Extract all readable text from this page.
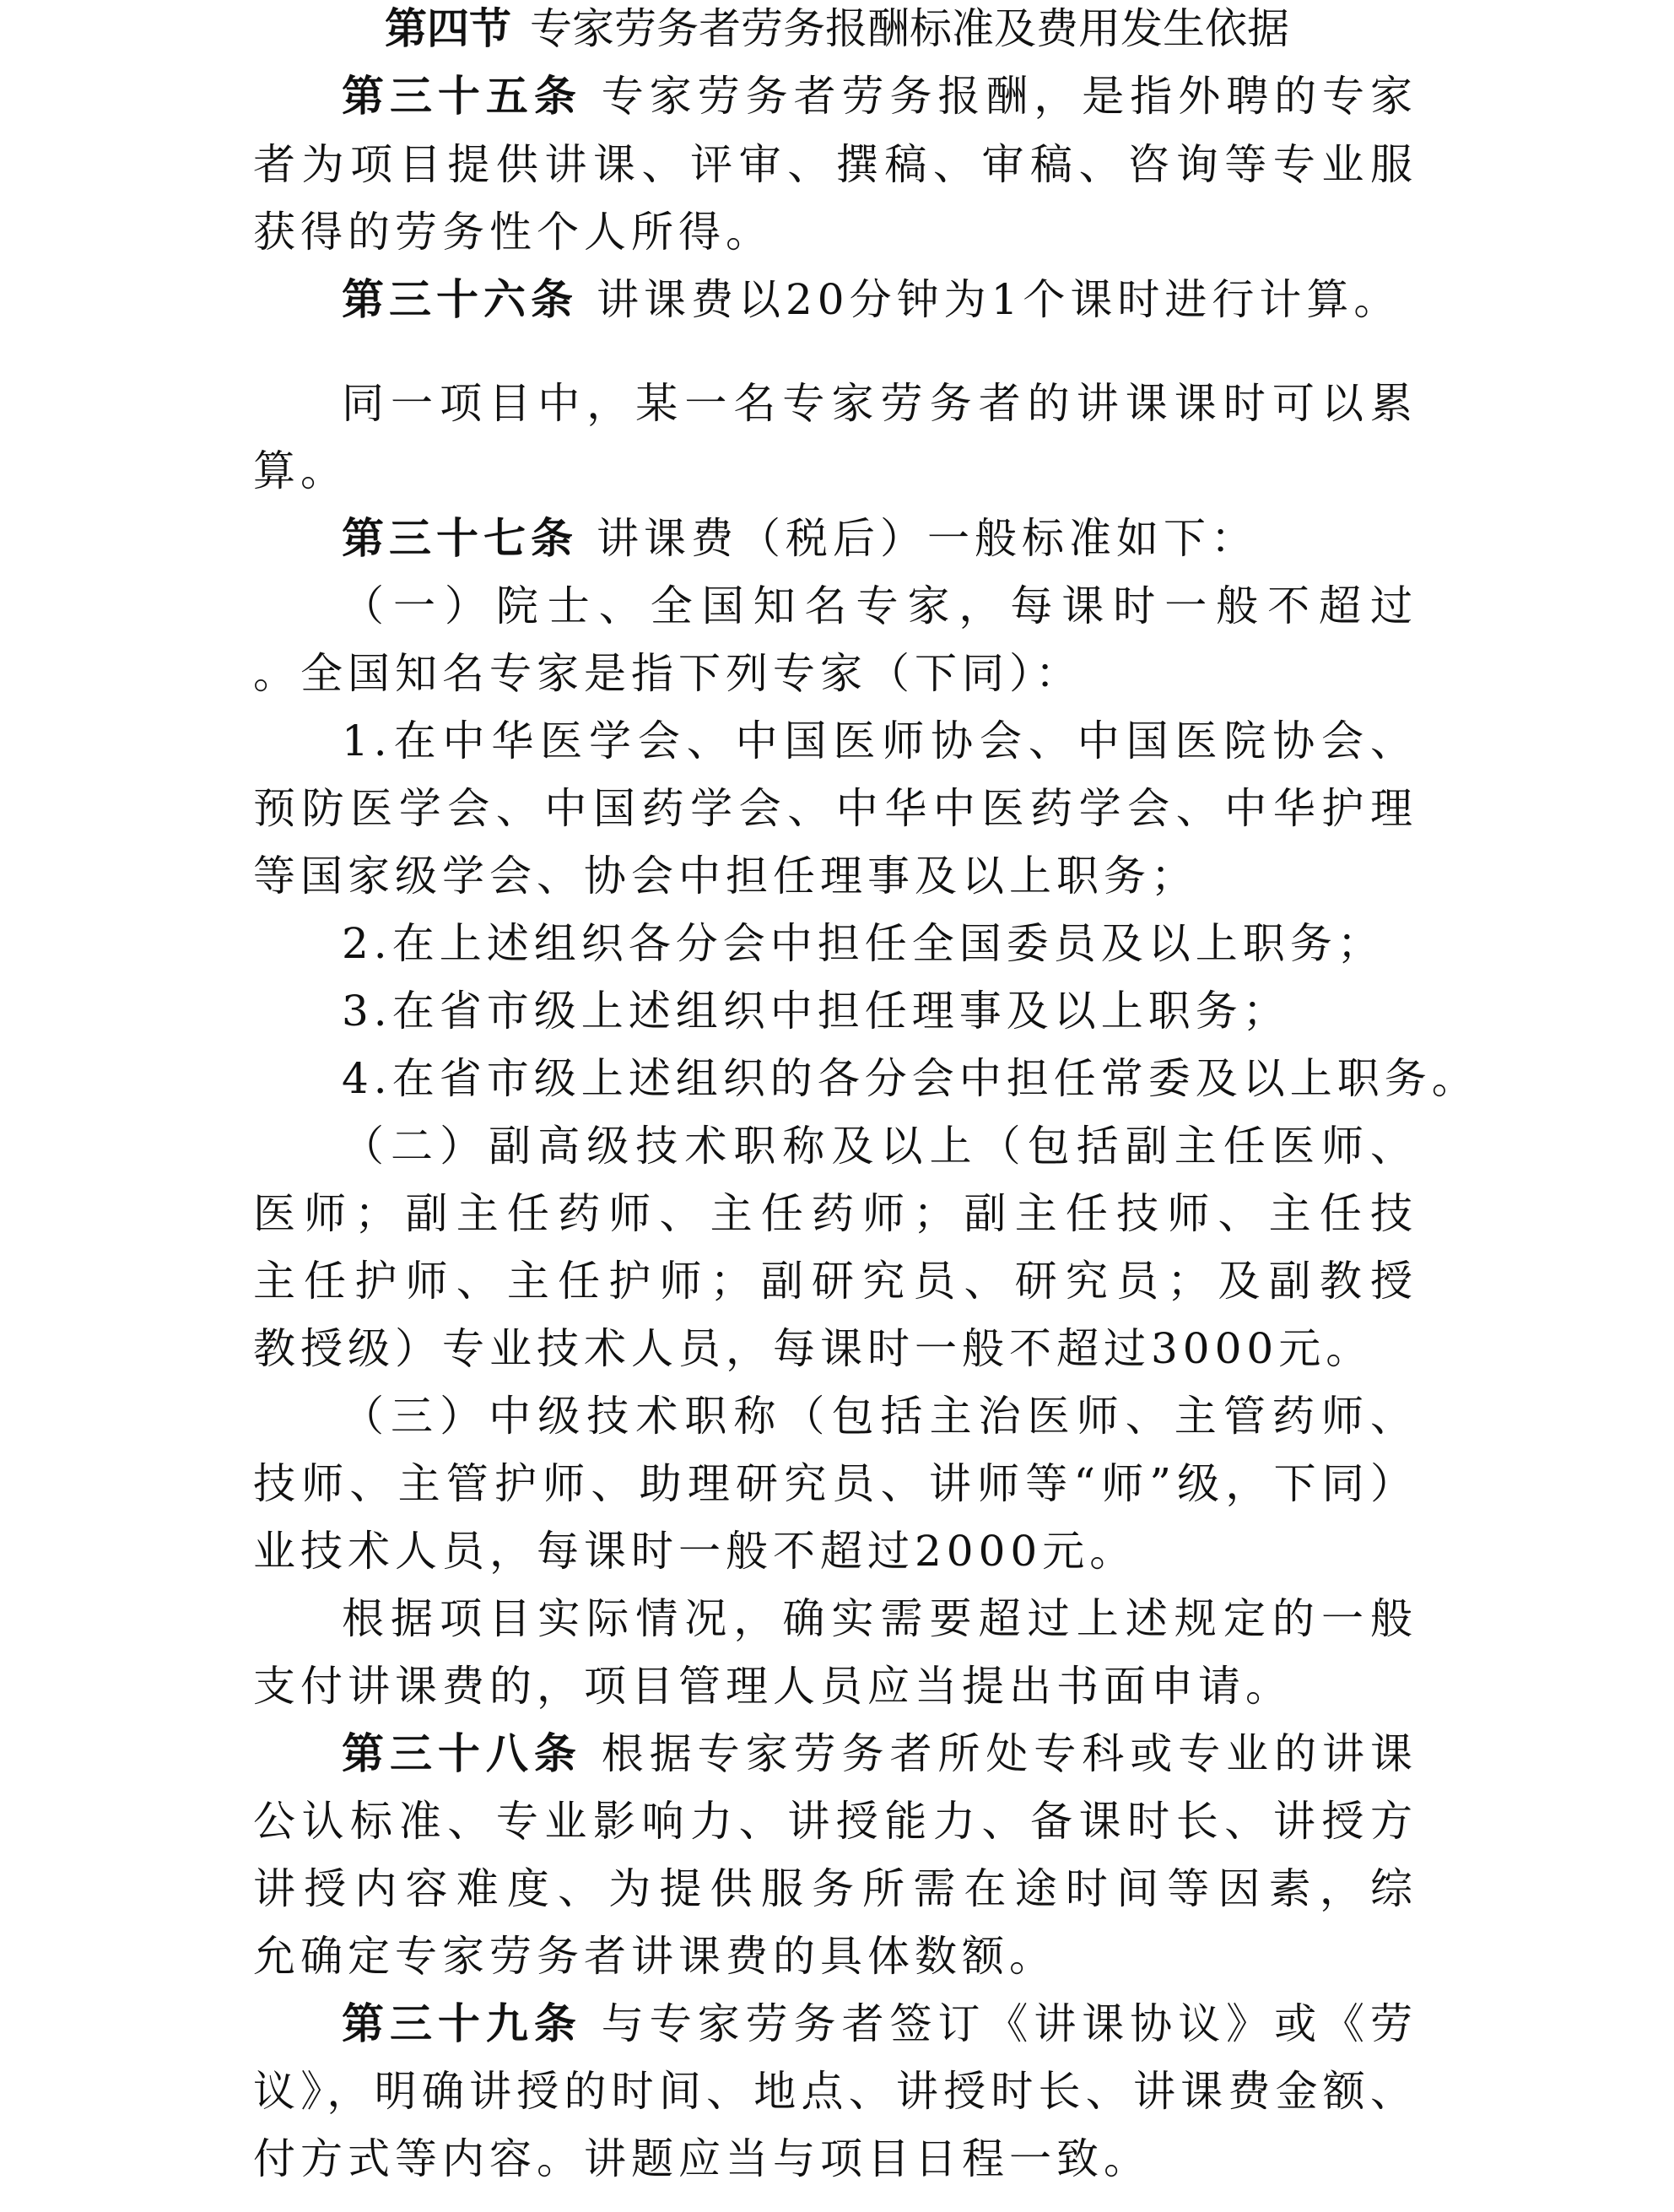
第四节 专家劳务者劳务报酬标准及费用发生依据
第三十五条 专家劳务者劳务报酬，是指外聘的专家
者为项目提供讲课、评审、撰稿、审稿、咨询等专业服
获得的劳务性个人所得。
第三十六条 讲课费以20分钟为1个课时进行计算。
同一项目中，某一名专家劳务者的讲课课时可以累
算。
第三十七条 讲课费（税后）一般标准如下：
（一）院士、全国知名专家，每课时一般不超过
。全国知名专家是指下列专家（下同）：
1.在中华医学会、中国医师协会、中国医院协会、
预防医学会、中国药学会、中华中医药学会、中华护理
等国家级学会、协会中担任理事及以上职务；
2.在上述组织各分会中担任全国委员及以上职务；
3.在省市级上述组织中担任理事及以上职务；
4.在省市级上述组织的各分会中担任常委及以上职务。
（二）副高级技术职称及以上（包括副主任医师、
医师；副主任药师、主任药师；副主任技师、主任技
主任护师、主任护师；副研究员、研究员；及副教授
教授级）专业技术人员，每课时一般不超过3000元。
（三）中级技术职称（包括主治医师、主管药师、
技师、主管护师、助理研究员、讲师等“师”级，下同）
业技术人员，每课时一般不超过2000元。
根据项目实际情况，确实需要超过上述规定的一般
支付讲课费的，项目管理人员应当提出书面申请。
第三十八条 根据专家劳务者所处专科或专业的讲课
公认标准、专业影响力、讲授能力、备课时长、讲授方
讲授内容难度、为提供服务所需在途时间等因素，综
允确定专家劳务者讲课费的具体数额。
第三十九条 与专家劳务者签订《讲课协议》或《劳
议》，明确讲授的时间、地点、讲授时长、讲课费金额、
付方式等内容。讲题应当与项目日程一致。
